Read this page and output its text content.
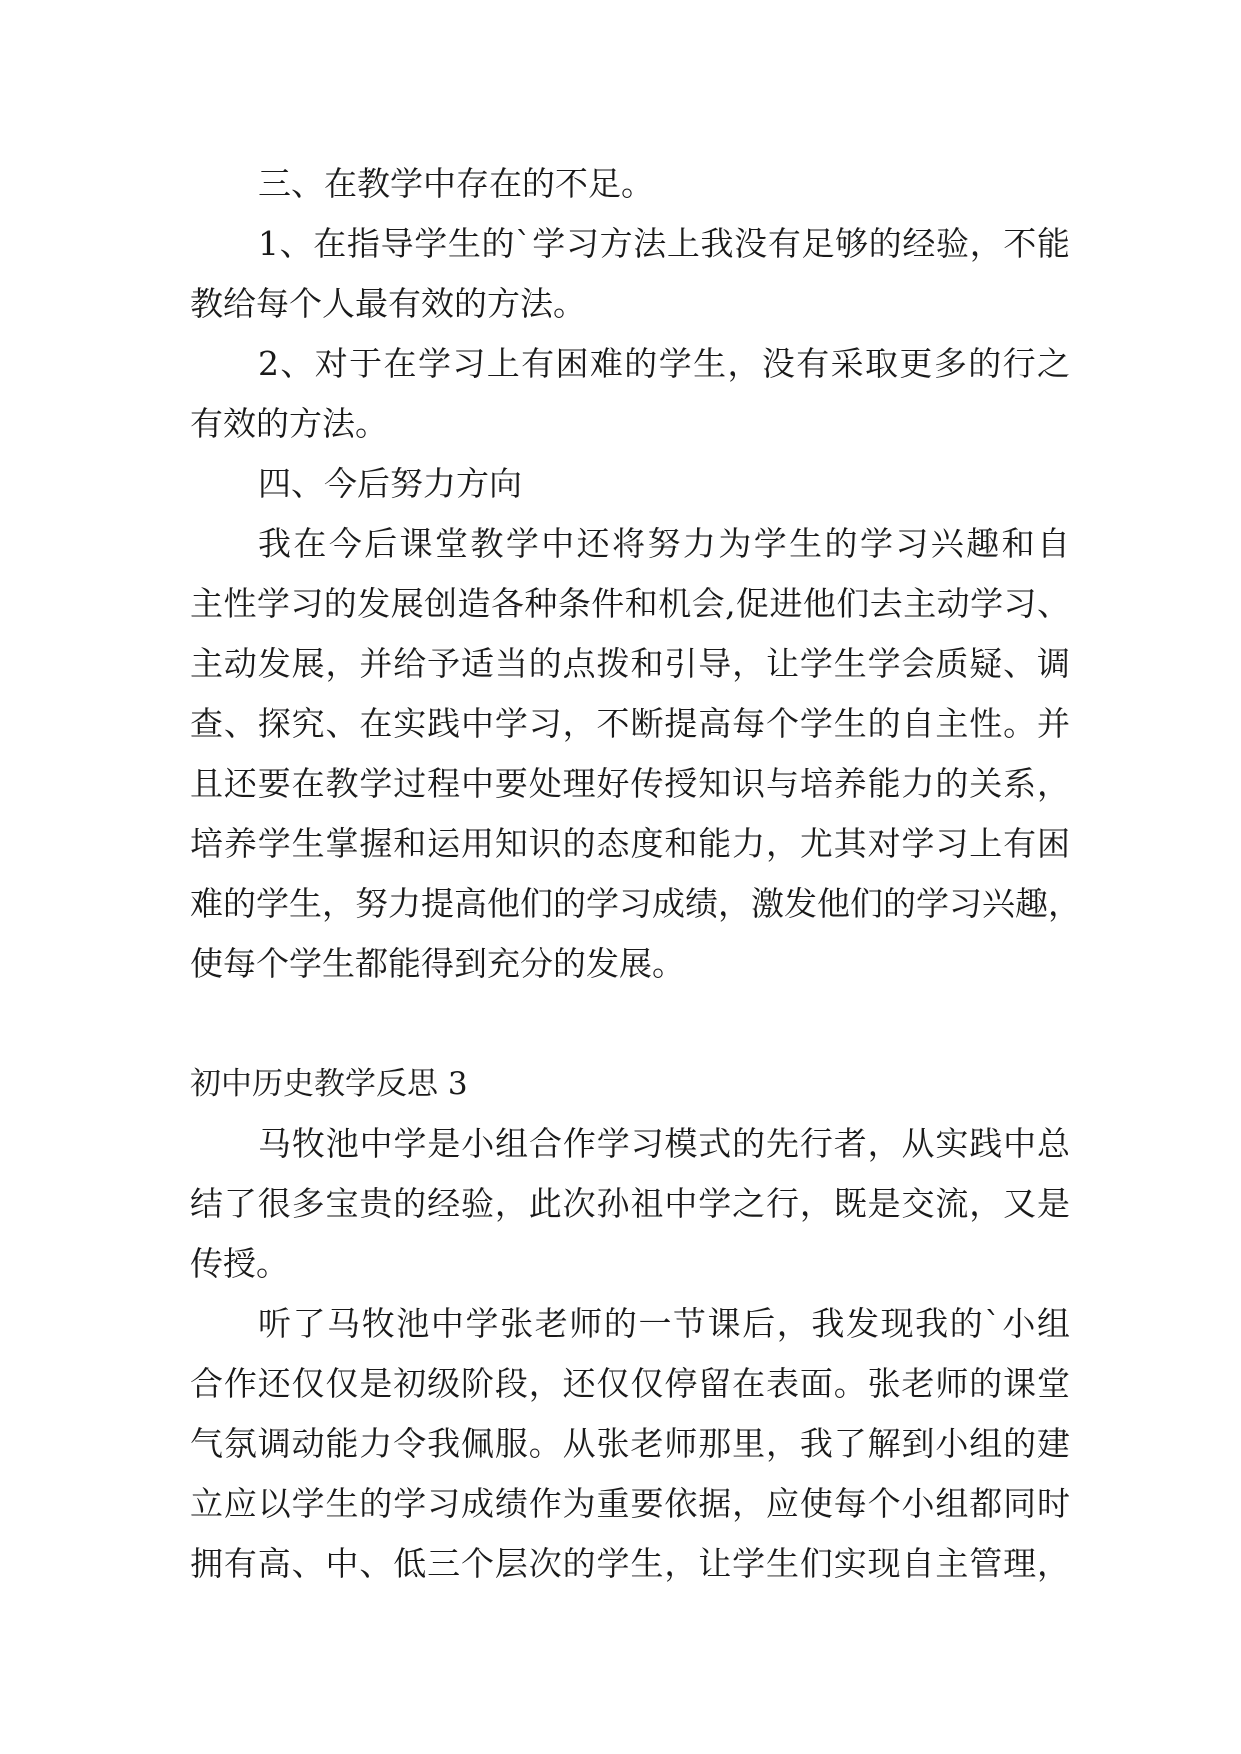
三、在教学中存在的不足。
1、在指导学生的`学习方法上我没有足够的经验，不能
教给每个人最有效的方法。
2、对于在学习上有困难的学生，没有采取更多的行之
有效的方法。
四、今后努力方向
我在今后课堂教学中还将努力为学生的学习兴趣和自
主性学习的发展创造各种条件和机会,促进他们去主动学习、
主动发展，并给予适当的点拨和引导，让学生学会质疑、调
查、探究、在实践中学习，不断提高每个学生的自主性。并
且还要在教学过程中要处理好传授知识与培养能力的关系，
培养学生掌握和运用知识的态度和能力，尤其对学习上有困
难的学生，努力提高他们的学习成绩，激发他们的学习兴趣，
使每个学生都能得到充分的发展。
初中历史教学反思 3
马牧池中学是小组合作学习模式的先行者，从实践中总
结了很多宝贵的经验，此次孙祖中学之行，既是交流，又是
传授。
听了马牧池中学张老师的一节课后，我发现我的`小组
合作还仅仅是初级阶段，还仅仅停留在表面。张老师的课堂
气氛调动能力令我佩服。从张老师那里，我了解到小组的建
立应以学生的学习成绩作为重要依据，应使每个小组都同时
拥有高、中、低三个层次的学生，让学生们实现自主管理，
